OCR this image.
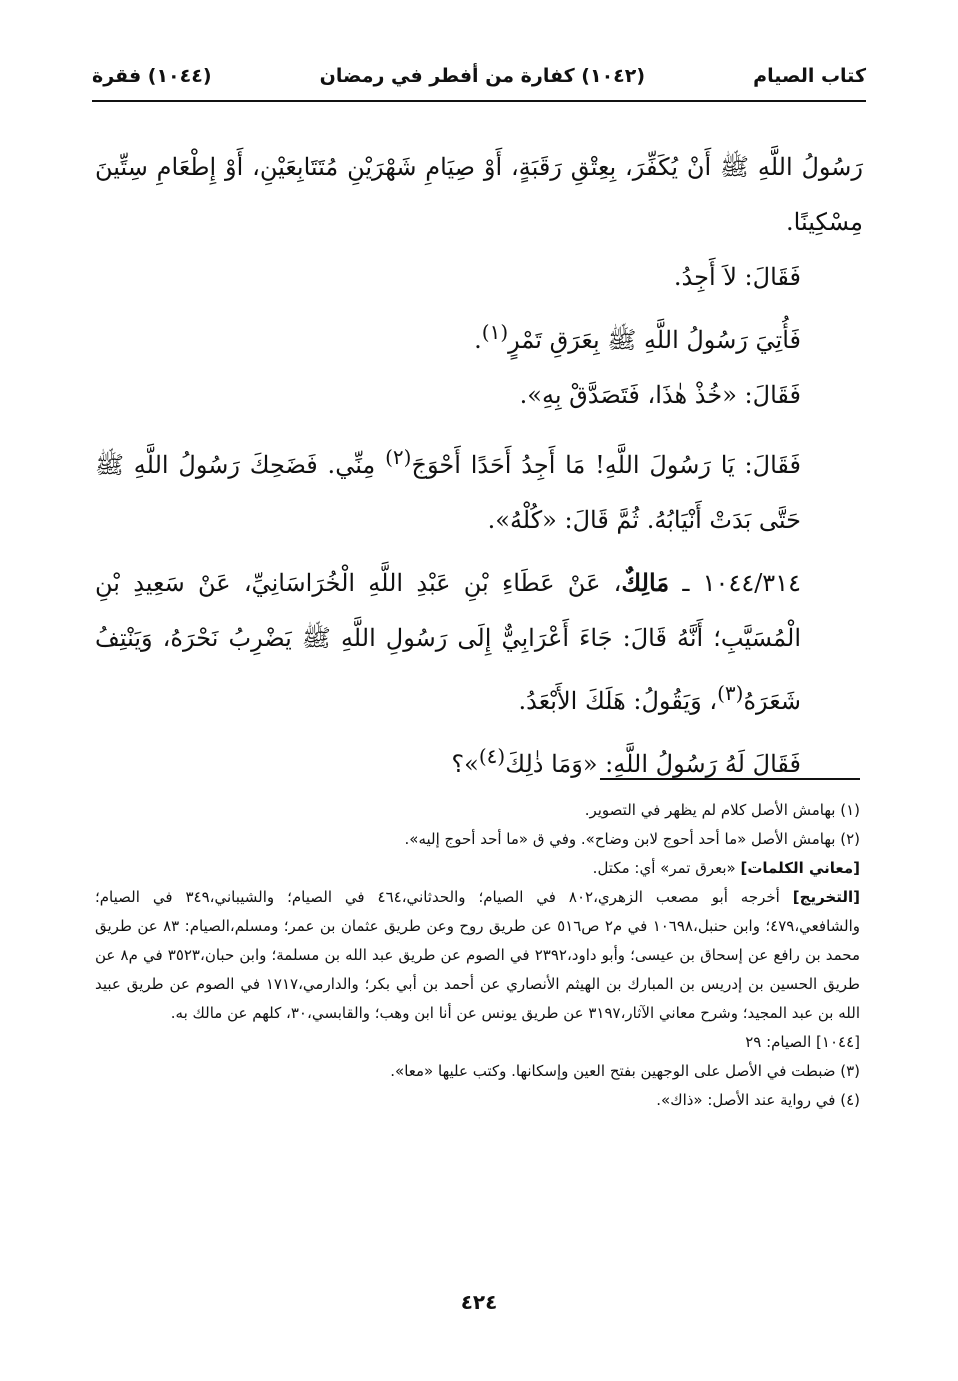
كتاب الصيام
(١٠٤٢) كفارة من أفطر في رمضان
(١٠٤٤) فقرة

رَسُولُ اللَّهِ ﷺ أَنْ يُكَفِّرَ، بِعِتْقِ رَقَبَةٍ، أَوْ صِيَامِ شَهْرَيْنِ مُتَتَابِعَيْنِ، أَوْ إِطْعَامِ سِتِّينَ مِسْكِينًا.

فَقَالَ: لاَ أَجِدُ.

فَأُتِيَ رَسُولُ اللَّهِ ﷺ بِعَرَقِ تَمْرٍ$^{(١)}$.

فَقَالَ: «خُذْ هٰذَا، فَتَصَدَّقْ بِهِ».

فَقَالَ: يَا رَسُولَ اللَّهِ! مَا أَجِدُ أَحَدًا أَحْوَجَ$^{(٢)}$ مِنِّي. فَضَحِكَ رَسُولُ اللَّهِ ﷺ حَتَّى بَدَتْ أَنْيَابُهُ. ثُمَّ قَالَ: «كُلْهُ».

١٠٤٤/٣١٤ ـ مَالِكٌ، عَنْ عَطَاءِ بْنِ عَبْدِ اللَّهِ الْخُرَاسَانِيِّ، عَنْ سَعِيدِ بْنِ الْمُسَيَّبِ؛ أَنَّهُ قَالَ: جَاءَ أَعْرَابِيٌّ إِلَى رَسُولِ اللَّهِ ﷺ يَضْرِبُ نَحْرَهُ، وَيَنْتِفُ شَعَرَهُ$^{(٣)}$، وَيَقُولُ: هَلَكَ الأَبْعَدُ.

فَقَالَ لَهُ رَسُولُ اللَّهِ: «وَمَا ذٰلِكَ$^{(٤)}$»؟

(١) بهامش الأصل كلام لم يظهر في التصوير.

(٢) بهامش الأصل «ما أحد أحوج لابن وضاح». وفي ق «ما أحد أحوج إليه».

[معاني الكلمات] «بعرق تمر» أي: مكتل.

[التخريج] أخرجه أبو مصعب الزهري،٨٠٢ في الصيام؛ والحدثاني،٤٦٤ في الصيام؛ والشيباني،٣٤٩ في الصيام؛ والشافعي،٤٧٩؛ وابن حنبل،١٠٦٩٨ في م٢ ص٥١٦ عن طريق روح وعن طريق عثمان بن عمر؛ ومسلم،الصيام: ٨٣ عن طريق محمد بن رافع عن إسحاق بن عيسى؛ وأبو داود،٢٣٩٢ في الصوم عن طريق عبد الله بن مسلمة؛ وابن حبان،٣٥٢٣ في م٨ عن طريق الحسين بن إدريس بن المبارك بن الهيثم الأنصاري عن أحمد بن أبي بكر؛ والدارمي،١٧١٧ في الصوم عن طريق عبيد الله بن عبد المجيد؛ وشرح معاني الآثار،٣١٩٧ عن طريق يونس عن أنا ابن وهب؛ والقابسي،٣٠، كلهم عن مالك به.

[١٠٤٤] الصيام: ٢٩

(٣) ضبطت في الأصل على الوجهين بفتح العين وإسكانها. وكتب عليها «معا».

(٤) في رواية عند الأصل: «ذاك».

٤٢٤
